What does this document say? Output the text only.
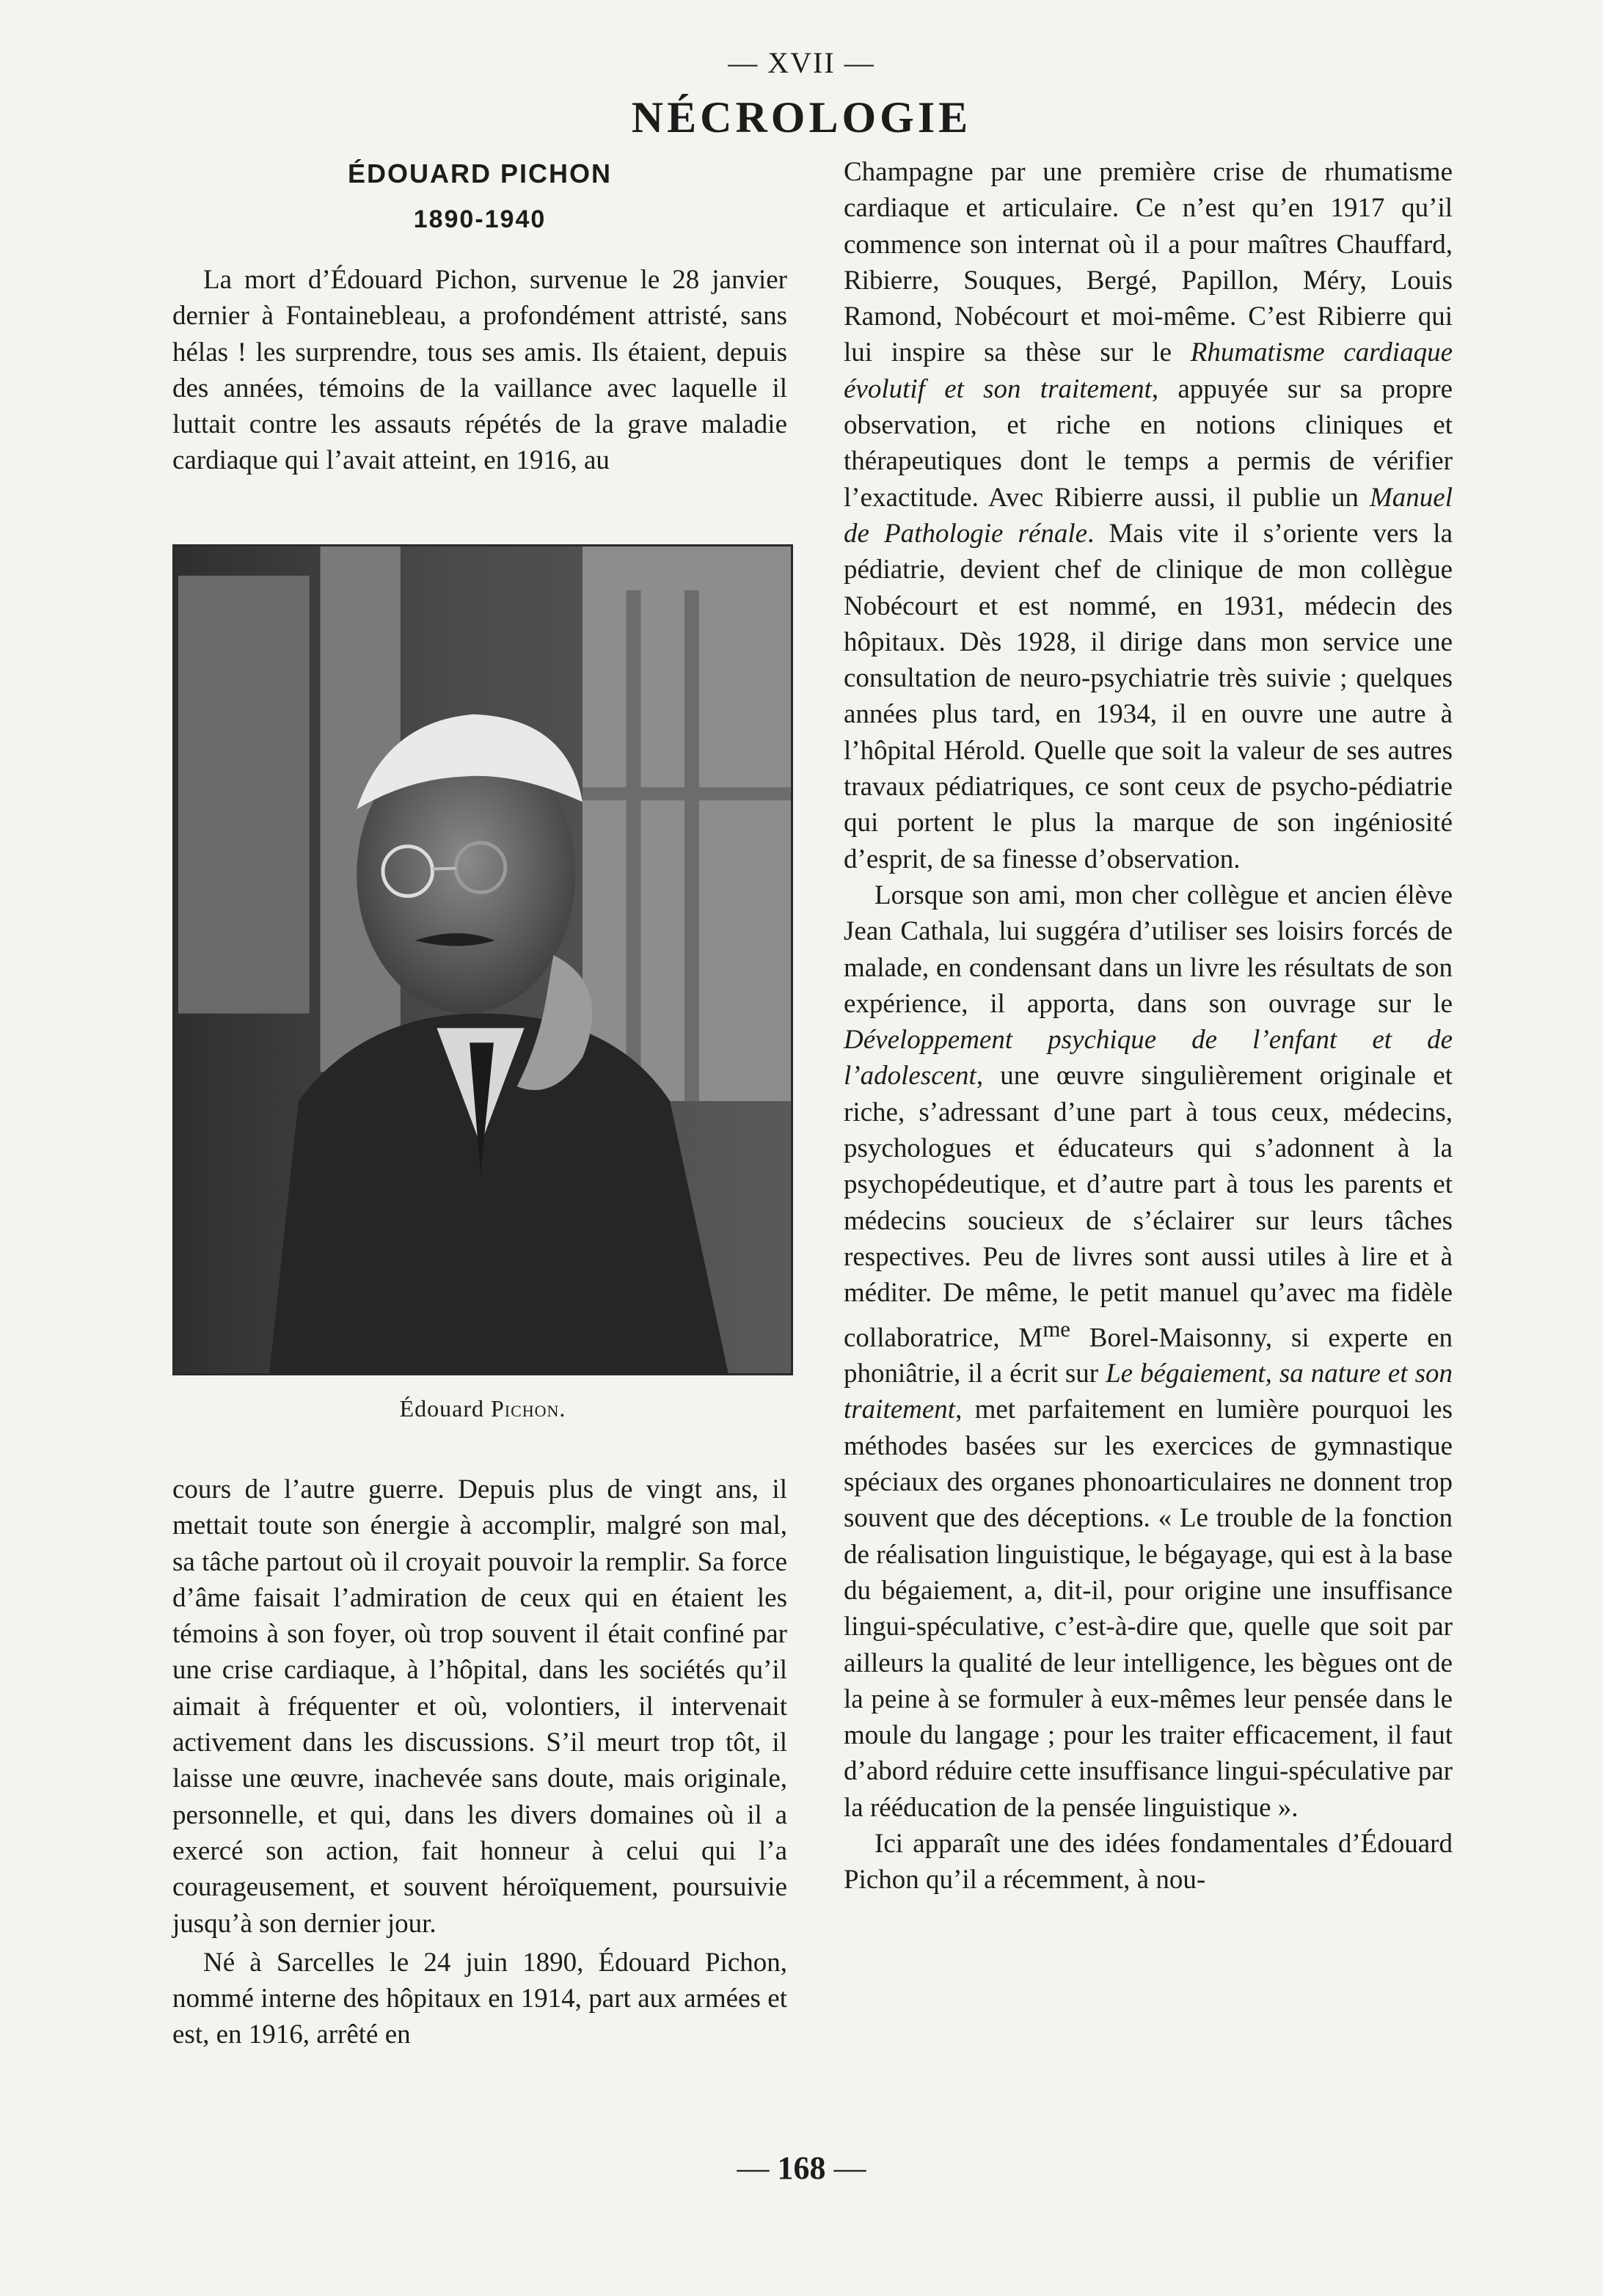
— XVII —
NÉCROLOGIE
ÉDOUARD PICHON
1890-1940

La mort d’Édouard Pichon, survenue le 28 janvier dernier à Fontainebleau, a profondément attristé, sans hélas ! les surprendre, tous ses amis. Ils étaient, depuis des années, témoins de la vaillance avec laquelle il luttait contre les assauts répétés de la grave maladie cardiaque qui l’avait atteint, en 1916, au

Édouard Pichon.

cours de l’autre guerre. Depuis plus de vingt ans, il mettait toute son énergie à accomplir, malgré son mal, sa tâche partout où il croyait pouvoir la remplir. Sa force d’âme faisait l’admiration de ceux qui en étaient les témoins à son foyer, où trop souvent il était confiné par une crise cardiaque, à l’hôpital, dans les sociétés qu’il aimait à fréquenter et où, volontiers, il intervenait activement dans les discussions. S’il meurt trop tôt, il laisse une œuvre, inachevée sans doute, mais originale, personnelle, et qui, dans les divers domaines où il a exercé son action, fait honneur à celui qui l’a courageusement, et souvent héroïquement, poursuivie jusqu’à son dernier jour.

Né à Sarcelles le 24 juin 1890, Édouard Pichon, nommé interne des hôpitaux en 1914, part aux armées et est, en 1916, arrêté en

Champagne par une première crise de rhumatisme cardiaque et articulaire. Ce n’est qu’en 1917 qu’il commence son internat où il a pour maîtres Chauffard, Ribierre, Souques, Bergé, Papillon, Méry, Louis Ramond, Nobécourt et moi-même. C’est Ribierre qui lui inspire sa thèse sur le Rhumatisme cardiaque évolutif et son traitement, appuyée sur sa propre observation, et riche en notions cliniques et thérapeutiques dont le temps a permis de vérifier l’exactitude. Avec Ribierre aussi, il publie un Manuel de Pathologie rénale. Mais vite il s’oriente vers la pédiatrie, devient chef de clinique de mon collègue Nobécourt et est nommé, en 1931, médecin des hôpitaux. Dès 1928, il dirige dans mon service une consultation de neuro-psychiatrie très suivie ; quelques années plus tard, en 1934, il en ouvre une autre à l’hôpital Hérold. Quelle que soit la valeur de ses autres travaux pédiatriques, ce sont ceux de psycho-pédiatrie qui portent le plus la marque de son ingéniosité d’esprit, de sa finesse d’observation.

Lorsque son ami, mon cher collègue et ancien élève Jean Cathala, lui suggéra d’utiliser ses loisirs forcés de malade, en condensant dans un livre les résultats de son expérience, il apporta, dans son ouvrage sur le Développement psychique de l’enfant et de l’adolescent, une œuvre singulièrement originale et riche, s’adressant d’une part à tous ceux, médecins, psychologues et éducateurs qui s’adonnent à la psychopédeutique, et d’autre part à tous les parents et médecins soucieux de s’éclairer sur leurs tâches respectives. Peu de livres sont aussi utiles à lire et à méditer. De même, le petit manuel qu’avec ma fidèle collaboratrice, $M^{me}$ Borel-Maisonny, si experte en phoniâtrie, il a écrit sur Le bégaiement, sa nature et son traitement, met parfaitement en lumière pourquoi les méthodes basées sur les exercices de gymnastique spéciaux des organes phonoarticulaires ne donnent trop souvent que des déceptions. « Le trouble de la fonction de réalisation linguistique, le bégayage, qui est à la base du bégaiement, a, dit-il, pour origine une insuffisance lingui-spéculative, c’est-à-dire que, quelle que soit par ailleurs la qualité de leur intelligence, les bègues ont de la peine à se formuler à eux-mêmes leur pensée dans le moule du langage ; pour les traiter efficacement, il faut d’abord réduire cette insuffisance lingui-spéculative par la rééducation de la pensée linguistique ».

Ici apparaît une des idées fondamentales d’Édouard Pichon qu’il a récemment, à nou-

— 168 —
